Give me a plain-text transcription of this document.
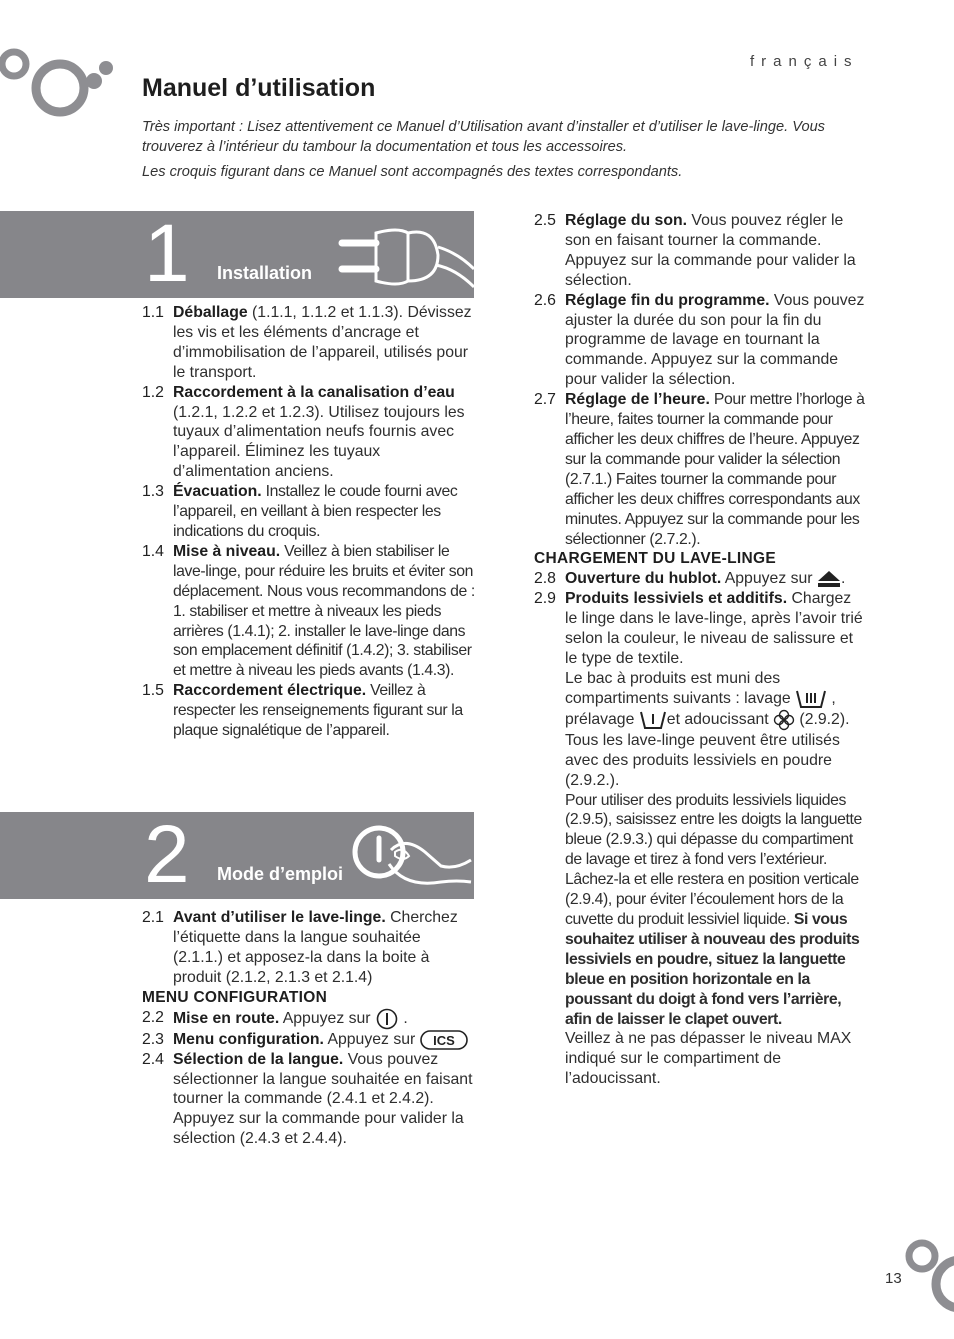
français
Manuel d’utilisation

Très important : Lisez attentivement ce Manuel d’Utilisation avant d’installer et d’utiliser le lave-linge. Vous trouverez à l’intérieur du tambour la documentation et tous les accessoires.

Les croquis figurant dans ce Manuel sont accompagnés des textes correspondants.

1 Installation

1.1 Déballage (1.1.1, 1.1.2 et 1.1.3). Dévissez les vis et les éléments d’ancrage et d’immobilisation de l’appareil, utilisés pour le transport.

1.2 Raccordement à la canalisation d’eau (1.2.1, 1.2.2 et 1.2.3). Utilisez toujours les tuyaux d’alimentation neufs fournis avec l’appareil. Éliminez les tuyaux d’alimentation anciens.

1.3 Évacuation. Installez le coude fourni avec l’appareil, en veillant à bien respecter les indications du croquis.

1.4 Mise à niveau. Veillez à bien stabiliser le lave-linge, pour réduire les bruits et éviter son déplacement. Nous vous recommandons de : 1. stabiliser et mettre à niveaux les pieds arrières (1.4.1); 2. installer le lave-linge dans son emplacement définitif (1.4.2); 3. stabiliser et mettre à niveau les pieds avants (1.4.3).

1.5 Raccordement électrique. Veillez à respecter les renseignements figurant sur la plaque signalétique de l’appareil.

2 Mode d’emploi

2.1 Avant d’utiliser le lave-linge. Cherchez l’étiquette dans la langue souhaitée (2.1.1.) et apposez-la dans la boite à produit (2.1.2, 2.1.3 et 2.1.4)

MENU CONFIGURATION

2.2 Mise en route. Appuyez sur  .

2.3 Menu configuration. Appuyez sur ICS

2.4 Sélection de la langue. Vous pouvez sélectionner la langue souhaitée en faisant tourner la commande (2.4.1 et 2.4.2). Appuyez sur la commande pour valider la sélection (2.4.3 et 2.4.4).

2.5 Réglage du son. Vous pouvez régler le son en faisant tourner la commande. Appuyez sur la commande pour valider la sélection.

2.6 Réglage fin du programme. Vous pouvez ajuster la durée du son pour la fin du programme de lavage en tournant la commande. Appuyez sur la commande pour valider la sélection.

2.7 Réglage de l’heure. Pour mettre l’horloge à l’heure, faites tourner la commande pour afficher les deux chiffres de l’heure. Appuyez sur la commande pour valider la sélection (2.7.1.) Faites tourner la commande pour afficher les deux chiffres correspondants aux minutes. Appuyez sur la commande pour les sélectionner (2.7.2.).

CHARGEMENT DU LAVE-LINGE

2.8 Ouverture du hublot. Appuyez sur .

2.9 Produits lessiviels et additifs. Chargez le linge dans le lave-linge, après l’avoir trié selon la couleur, le niveau de salissure et le type de textile.

Le bac à produits est muni des compartiments suivants : lavage  , prélavage et adoucissant  (2.9.2).

Tous les lave-linge peuvent être utilisés avec des produits lessiviels en poudre (2.9.2.).

Pour utiliser des produits lessiviels liquides (2.9.5), saisissez entre les doigts la languette bleue (2.9.3.) qui dépasse du compartiment de lavage et tirez à fond vers l’extérieur. Lâchez-la et elle restera en position verticale (2.9.4), pour éviter l’écoulement hors de la cuvette du produit lessiviel liquide. Si vous souhaitez utiliser à nouveau des produits lessiviels en poudre, situez la languette bleue en position horizontale en la poussant du doigt à fond vers l’arrière, afin de laisser le clapet ouvert.

Veillez à ne pas dépasser le niveau MAX indiqué sur le compartiment de l’adoucissant.

13
